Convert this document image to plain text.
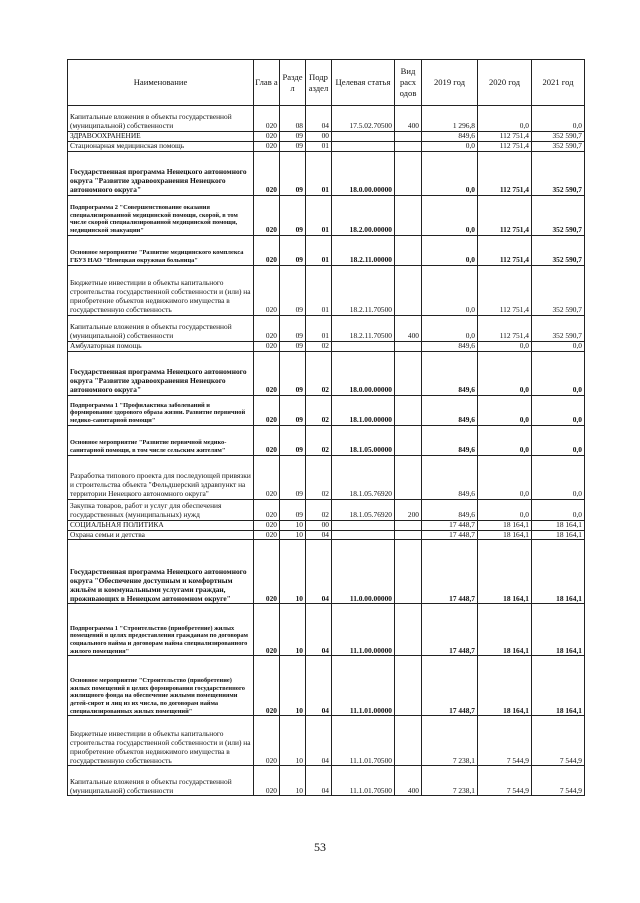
Наименование	Глав а	Разде л	Подр аздел	Целевая статья	Вид расх одов	2019 год	2020 год	2021 год
Капитальные вложения в объекты государственной (муниципальной) собственности	020	08	04	17.5.02.70500	400	1 296,8	0,0	0,0
ЗДРАВООХРАНЕНИЕ	020	09	00			849,6	112 751,4	352 590,7
Стационарная медицинская помощь	020	09	01			0,0	112 751,4	352 590,7
Государственная программа Ненецкого автономного округа "Развитие здравоохранения Ненецкого автономного округа"	020	09	01	18.0.00.00000		0,0	112 751,4	352 590,7
Подпрограмма 2 "Совершенствование оказания специализированной медицинской помощи, скорой, в том числе скорой специализированной медицинской помощи, медицинской эвакуации"	020	09	01	18.2.00.00000		0,0	112 751,4	352 590,7
Основное мероприятие "Развитие медицинского комплекса ГБУЗ НАО "Ненецкая окружная больница"	020	09	01	18.2.11.00000		0,0	112 751,4	352 590,7
Бюджетные инвестиции в объекты капитального строительства государственной собственности и (или) на приобретение объектов недвижимого имущества в государственную собственность	020	09	01	18.2.11.70500		0,0	112 751,4	352 590,7
Капитальные вложения в объекты государственной (муниципальной) собственности	020	09	01	18.2.11.70500	400	0,0	112 751,4	352 590,7
Амбулаторная помощь	020	09	02			849,6	0,0	0,0
Государственная программа Ненецкого автономного округа "Развитие здравоохранения Ненецкого автономного округа"	020	09	02	18.0.00.00000		849,6	0,0	0,0
Подпрограмма 1 "Профилактика заболеваний и формирование здорового образа жизни. Развитие первичной медико-санитарной помощи"	020	09	02	18.1.00.00000		849,6	0,0	0,0
Основное мероприятие "Развитие первичной медико-санитарной помощи, в том числе сельским жителям"	020	09	02	18.1.05.00000		849,6	0,0	0,0
Разработка типового проекта для последующей привязки и строительства объекта "Фельдшерский здравпункт на территории Ненецкого автономного округа"	020	09	02	18.1.05.76920		849,6	0,0	0,0
Закупка товаров, работ и услуг для обеспечения государственных (муниципальных) нужд	020	09	02	18.1.05.76920	200	849,6	0,0	0,0
СОЦИАЛЬНАЯ ПОЛИТИКА	020	10	00			17 448,7	18 164,1	18 164,1
Охрана семьи и детства	020	10	04			17 448,7	18 164,1	18 164,1
Государственная программа Ненецкого автономного округа "Обеспечение доступным и комфортным жильём и коммунальными услугами граждан, проживающих в Ненецком автономном округе"	020	10	04	11.0.00.00000		17 448,7	18 164,1	18 164,1
Подпрограмма 1 "Строительство (приобретение) жилых помещений в целях предоставления гражданам по договорам социального найма и договорам найма специализированного жилого помещения"	020	10	04	11.1.00.00000		17 448,7	18 164,1	18 164,1
Основное мероприятие "Строительство (приобретение) жилых помещений в целях формирования государственного жилищного фонда на обеспечение жилыми помещениями детей-сирот и лиц из их числа, по договорам найма специализированных жилых помещений"	020	10	04	11.1.01.00000		17 448,7	18 164,1	18 164,1
Бюджетные инвестиции в объекты капитального строительства государственной собственности и (или) на приобретение объектов недвижимого имущества в государственную собственность	020	10	04	11.1.01.70500		7 238,1	7 544,9	7 544,9
Капитальные вложения в объекты государственной (муниципальной) собственности	020	10	04	11.1.01.70500	400	7 238,1	7 544,9	7 544,9
53
